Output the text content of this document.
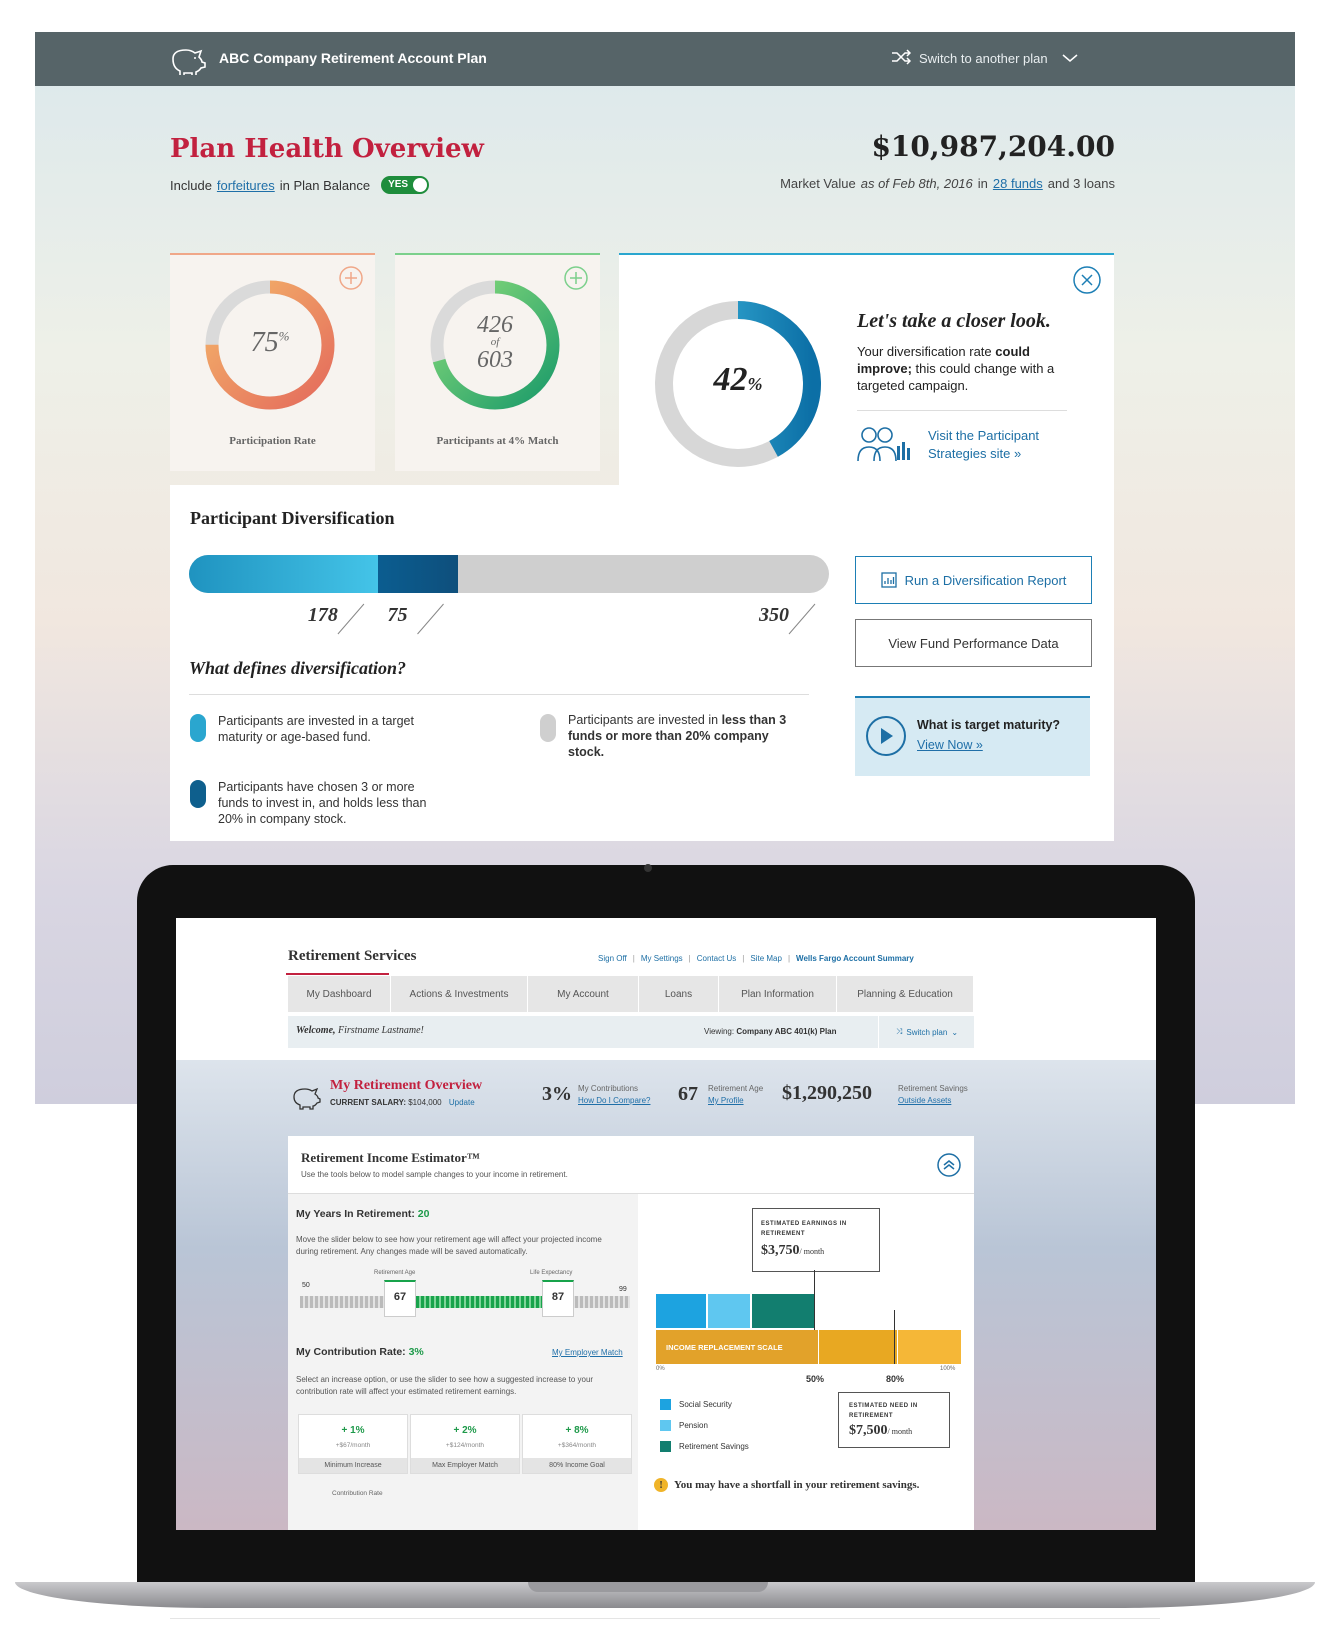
ABC Company Retirement Account Plan	Switch to another plan
Plan Health Overview
Include forfeitures in Plan Balance YES
$10,987,204.00
Market Value as of Feb 8th, 2016 in 28 funds and 3 loans
75%
Participation Rate
426
of
603
Participants at 4% Match
42%
Let's take a closer look.
Your diversification rate could improve; this could change with a targeted campaign.
Visit the Participant Strategies site »
Participant Diversification
178 75	350
What defines diversification?
Participants are invested in a target maturity or age-based fund.
Participants are invested in less than 3 funds or more than 20% company stock.
Participants have chosen 3 or more funds to invest in, and holds less than 20% in company stock.
Run a Diversification Report
View Fund Performance Data
What is target maturity?
View Now »
Retirement Services	Sign Off | My Settings | Contact Us | Site Map | Wells Fargo Account Summary
My Dashboard	Actions & Investments	My Account	Loans	Plan Information	Planning & Education
Welcome, Firstname Lastname!	Viewing: Company ABC 401(k) Plan	⤨ Switch plan ⌄
My Retirement Overview
CURRENT SALARY: $104,000 Update	3% My Contributions
How Do I Compare? 67 Retirement Age
My Profile $1,290,250	Retirement Savings
Outside Assets
Retirement Income Estimator™
Use the tools below to model sample changes to your income in retirement.
My Years In Retirement: 20
Move the slider below to see how your retirement age will affect your projected income during retirement. Any changes made will be saved automatically.
Retirement Age	Life Expectancy
50
99
67	87
My Contribution Rate: 3%	My Employer Match
Select an increase option, or use the slider to see how a suggested increase to your contribution rate will affect your estimated retirement earnings.
+ 1%
+$67/month
Minimum Increase
+ 2%
+$124/month
Max Employer Match
+ 8%
+$364/month
80% Income Goal
Contribution Rate
ESTIMATED EARNINGS IN RETIREMENT
$3,750/ month
INCOME REPLACEMENT SCALE
0%	100%
50%	80%
Social Security
Pension
Retirement Savings
ESTIMATED NEED IN RETIREMENT
$7,500/ month
!	You may have a shortfall in your retirement savings.
